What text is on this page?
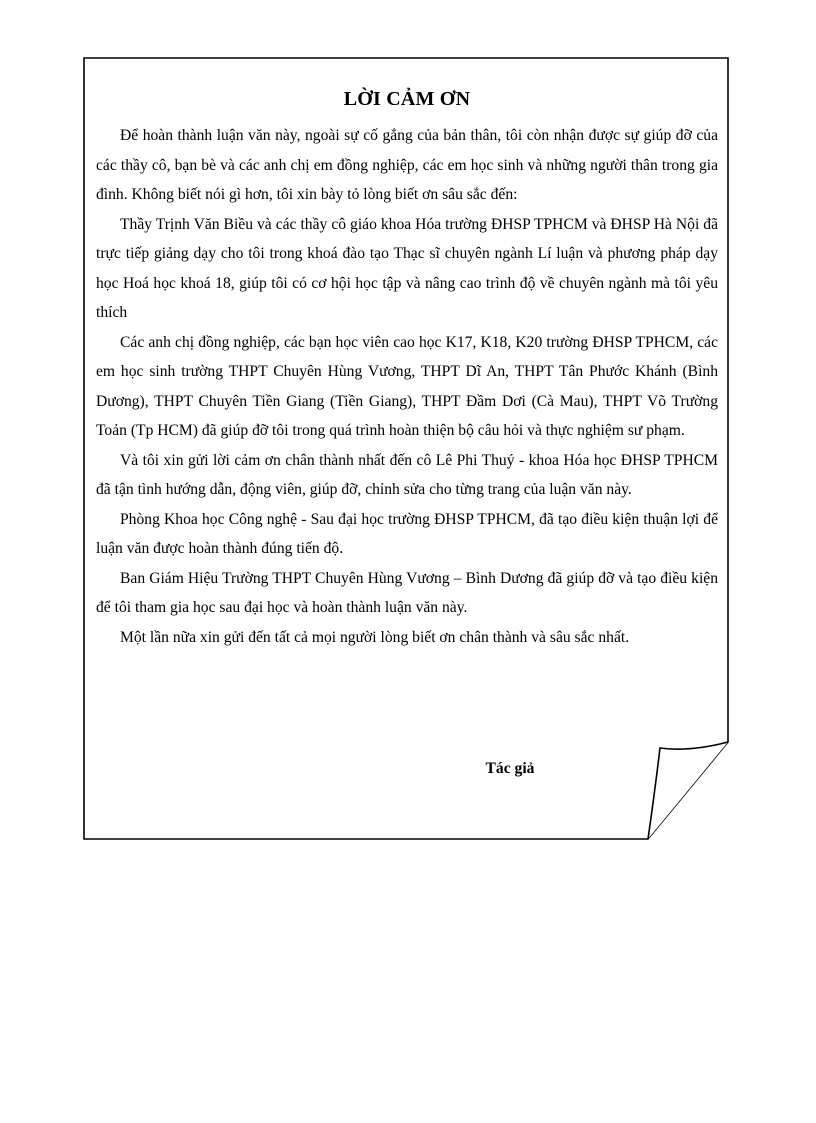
LỜI CẢM ƠN

Để hoàn thành luận văn này, ngoài sự cố gắng của bản thân, tôi còn nhận được sự giúp đỡ của các thầy cô, bạn bè và các anh chị em đồng nghiệp, các em học sinh và những người thân trong gia đình. Không biết nói gì hơn, tôi xin bày tỏ lòng biết ơn sâu sắc đến:

Thầy Trịnh Văn Biều và các thầy cô giáo khoa Hóa trường ĐHSP TPHCM và ĐHSP Hà Nội đã trực tiếp giảng dạy cho tôi trong khoá đào tạo Thạc sĩ chuyên ngành Lí luận và phương pháp dạy học Hoá học khoá 18, giúp tôi có cơ hội học tập và nâng cao trình độ về chuyên ngành mà tôi yêu thích

Các anh chị đồng nghiệp, các bạn học viên cao học K17, K18, K20 trường ĐHSP TPHCM, các em học sinh trường THPT Chuyên Hùng Vương, THPT Dĩ An, THPT Tân Phước Khánh (Bình Dương), THPT Chuyên Tiền Giang (Tiền Giang), THPT Đầm Dơi (Cà Mau), THPT Võ Trường Toản (Tp HCM) đã giúp đỡ tôi trong quá trình hoàn thiện bộ câu hỏi và thực nghiệm sư phạm.

Và tôi xin gửi lời cảm ơn chân thành nhất đến cô Lê Phi Thuý - khoa Hóa học ĐHSP TPHCM đã tận tình hướng dẫn, động viên, giúp đỡ, chỉnh sửa cho từng trang của luận văn này.

Phòng Khoa học Công nghệ - Sau đại học trường ĐHSP TPHCM, đã tạo điều kiện thuận lợi để luận văn được hoàn thành đúng tiến độ.

Ban Giám Hiệu Trường THPT Chuyên Hùng Vương – Bình Dương đã giúp đỡ và tạo điều kiện để tôi tham gia học sau đại học và hoàn thành luận văn này.

Một lần nữa xin gửi đến tất cả mọi người lòng biết ơn chân thành và sâu sắc nhất.

Tác giả
